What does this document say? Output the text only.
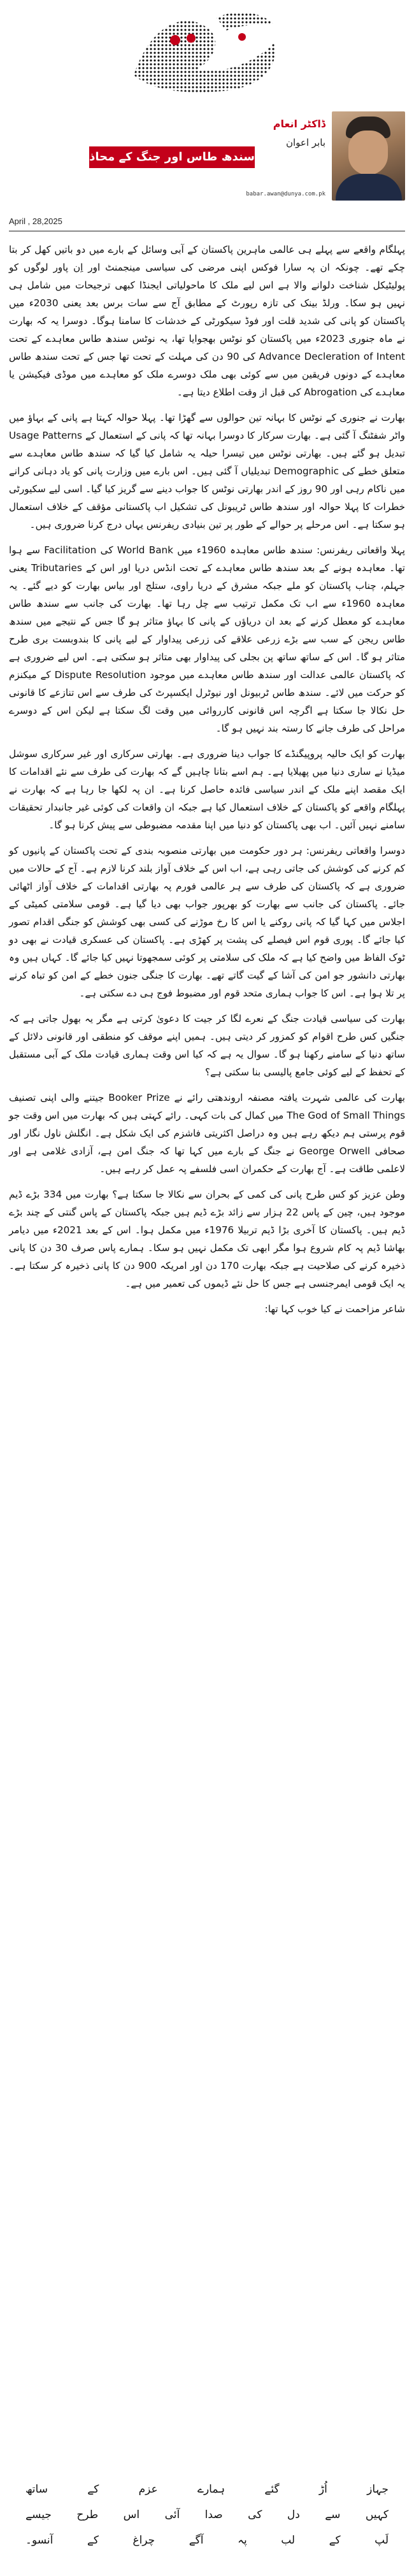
ڈاکٹر انعام
بابر اعوان
babar.awan@dunya.com.pk
سندھ طاس اور جنگ کے محاذ
April , 28,2025

پہلگام واقعے سے پہلے ہی عالمی ماہرین پاکستان کے آبی وسائل کے بارے میں دو باتیں کھل کر بتا چکے تھے۔ چونکہ ان پہ سارا فوکس اپنی مرضی کی سیاسی مینجمنٹ اور اِن پاور لوگوں کو پولیٹیکل شناخت دلوانے والا ہے اس لیے ملک کا ماحولیاتی ایجنڈا کبھی ترجیحات میں شامل ہی نہیں ہو سکا۔ ورلڈ بینک کی تازہ رپورٹ کے مطابق آج سے سات برس بعد یعنی 2030ء میں پاکستان کو پانی کی شدید قلت اور فوڈ سیکورٹی کے خدشات کا سامنا ہوگا۔ دوسرا یہ کہ بھارت نے ماہ جنوری 2023ء میں پاکستان کو نوٹس بھجوایا تھا، یہ نوٹس سندھ طاس معاہدے کے تحت Advance Decleration of Intent کی 90 دن کی مہلت کے تحت تھا جس کے تحت سندھ طاس معاہدے کے دونوں فریقین میں سے کوئی بھی ملک دوسرے ملک کو معاہدے میں موڈی فیکیشن یا معاہدے کی Abrogation کی قبل از وقت اطلاع دیتا ہے۔

بھارت نے جنوری کے نوٹس کا بہانہ تین حوالوں سے گھڑا تھا۔ پہلا حوالہ کہتا ہے پانی کے بہاؤ میں واٹر شفٹنگ آ گئی ہے۔ بھارت سرکار کا دوسرا بہانہ تھا کہ پانی کے استعمال کے Usage Patterns تبدیل ہو گئے ہیں۔ بھارتی نوٹس میں تیسرا حیلہ یہ شامل کیا گیا کہ سندھ طاس معاہدے سے متعلق خطے کی Demographic تبدیلیاں آ گئی ہیں۔ اس بارے میں وزارت پانی کو یاد دہانی کرانے میں ناکام رہی اور 90 روز کے اندر بھارتی نوٹس کا جواب دینے سے گریز کیا گیا۔ اسی لیے سکیورٹی خطرات کا پہلا حوالہ اور سندھ طاس ٹریبونل کی تشکیل اب پاکستانی مؤقف کے خلاف استعمال ہو سکتا ہے۔ اس مرحلے پر حوالے کے طور پر تین بنیادی ریفرنس یہاں درج کرنا ضروری ہیں۔

پہلا واقعاتی ریفرنس: سندھ طاس معاہدہ 1960ء میں World Bank کی Facilitation سے ہوا تھا۔ معاہدہ ہونے کے بعد سندھ طاس معاہدے کے تحت انڈس دریا اور اس کے Tributaries یعنی جہلم، چناب پاکستان کو ملے جبکہ مشرق کے دریا راوی، ستلج اور بیاس بھارت کو دیے گئے۔ یہ معاہدہ 1960ء سے اب تک مکمل ترتیب سے چل رہا تھا۔ بھارت کی جانب سے سندھ طاس معاہدے کو معطل کرنے کے بعد ان دریاؤں کے پانی کا بہاؤ متاثر ہو گا جس کے نتیجے میں سندھ طاس ریجن کے سب سے بڑے زرعی علاقے کی زرعی پیداوار کے لیے پانی کا بندوبست بری طرح متاثر ہو گا۔ اس کے ساتھ ساتھ پن بجلی کی پیداوار بھی متاثر ہو سکتی ہے۔ اس لیے ضروری ہے کہ پاکستان عالمی عدالت اور سندھ طاس معاہدے میں موجود Dispute Resolution کے میکنزم کو حرکت میں لائے۔ سندھ طاس ٹربیونل اور نیوٹرل ایکسپرٹ کی طرف سے اس تنازعے کا قانونی حل نکالا جا سکتا ہے اگرچہ اس قانونی کارروائی میں وقت لگ سکتا ہے لیکن اس کے دوسرے مراحل کی طرف جانے کا رستہ بند نہیں ہو گا۔

بھارت کو ایک حالیہ پروپیگنڈے کا جواب دینا ضروری ہے۔ بھارتی سرکاری اور غیر سرکاری سوشل میڈیا نے ساری دنیا میں پھیلایا ہے۔ ہم اسے بتانا چاہیں گے کہ بھارت کی طرف سے نئے اقدامات کا ایک مقصد اپنے ملک کے اندر سیاسی فائدہ حاصل کرنا ہے۔ ان پہ لکھا جا رہا ہے کہ بھارت نے پہلگام واقعے کو پاکستان کے خلاف استعمال کیا ہے جبکہ ان واقعات کی کوئی غیر جانبدار تحقیقات سامنے نہیں آئیں۔ اب بھی پاکستان کو دنیا میں اپنا مقدمہ مضبوطی سے پیش کرنا ہو گا۔

دوسرا واقعاتی ریفرنس: ہر دور حکومت میں بھارتی منصوبہ بندی کے تحت پاکستان کے پانیوں کو کم کرنے کی کوشش کی جاتی رہی ہے، اب اس کے خلاف آواز بلند کرنا لازم ہے۔ آج کے حالات میں ضروری ہے کہ پاکستان کی طرف سے ہر عالمی فورم پہ بھارتی اقدامات کے خلاف آواز اٹھائی جائے۔ پاکستان کی جانب سے بھارت کو بھرپور جواب بھی دیا گیا ہے۔ قومی سلامتی کمیٹی کے اجلاس میں کہا گیا کہ پانی روکنے یا اس کا رخ موڑنے کی کسی بھی کوشش کو جنگی اقدام تصور کیا جائے گا۔ پوری قوم اس فیصلے کی پشت پر کھڑی ہے۔ پاکستان کی عسکری قیادت نے بھی دو ٹوک الفاظ میں واضح کیا ہے کہ ملک کی سلامتی پر کوئی سمجھوتا نہیں کیا جائے گا۔ کہاں ہیں وہ بھارتی دانشور جو امن کی آشا کے گیت گاتے تھے۔ بھارت کا جنگی جنون خطے کے امن کو تباہ کرنے پر تلا ہوا ہے۔ اس کا جواب ہماری متحد قوم اور مضبوط فوج ہی دے سکتی ہے۔

بھارت کی سیاسی قیادت جنگ کے نعرے لگا کر جیت کا دعویٰ کرتی ہے مگر یہ بھول جاتی ہے کہ جنگیں کس طرح اقوام کو کمزور کر دیتی ہیں۔ ہمیں اپنے موقف کو منطقی اور قانونی دلائل کے ساتھ دنیا کے سامنے رکھنا ہو گا۔ سوال یہ ہے کہ کیا اس وقت ہماری قیادت ملک کے آبی مستقبل کے تحفظ کے لیے کوئی جامع پالیسی بنا سکتی ہے؟

بھارت کی عالمی شہرت یافتہ مصنفہ اروندھتی رائے نے Booker Prize جیتنے والی اپنی تصنیف The God of Small Things میں کمال کی بات کہی۔ رائے کہتی ہیں کہ بھارت میں اس وقت جو قوم پرستی ہم دیکھ رہے ہیں وہ دراصل اکثریتی فاشزم کی ایک شکل ہے۔ انگلش ناول نگار اور صحافی George Orwell نے جنگ کے بارے میں کہا تھا کہ جنگ امن ہے، آزادی غلامی ہے اور لاعلمی طاقت ہے۔ آج بھارت کے حکمران اسی فلسفے پہ عمل کر رہے ہیں۔

وطن عزیز کو کس طرح پانی کی کمی کے بحران سے نکالا جا سکتا ہے؟ بھارت میں 334 بڑے ڈیم موجود ہیں، چین کے پاس 22 ہزار سے زائد بڑے ڈیم ہیں جبکہ پاکستان کے پاس گنتی کے چند بڑے ڈیم ہیں۔ پاکستان کا آخری بڑا ڈیم تربیلا 1976ء میں مکمل ہوا۔ اس کے بعد 2021ء میں دیامر بھاشا ڈیم پہ کام شروع ہوا مگر ابھی تک مکمل نہیں ہو سکا۔ ہمارے پاس صرف 30 دن کا پانی ذخیرہ کرنے کی صلاحیت ہے جبکہ بھارت 170 دن اور امریکہ 900 دن کا پانی ذخیرہ کر سکتا ہے۔ یہ ایک قومی ایمرجنسی ہے جس کا حل نئے ڈیموں کی تعمیر میں ہے۔

شاعر مزاحمت نے کیا خوب کہا تھا:

جہاز
اُڑ
گئے
ہمارے
عزم
کے
ساتھ
کہیں
سے
دل
کی
صدا
آئی
اس
طرح
جیسے
لَپ
کے
لب
پہ
آگے
چراغ
کے
آنسو۔
